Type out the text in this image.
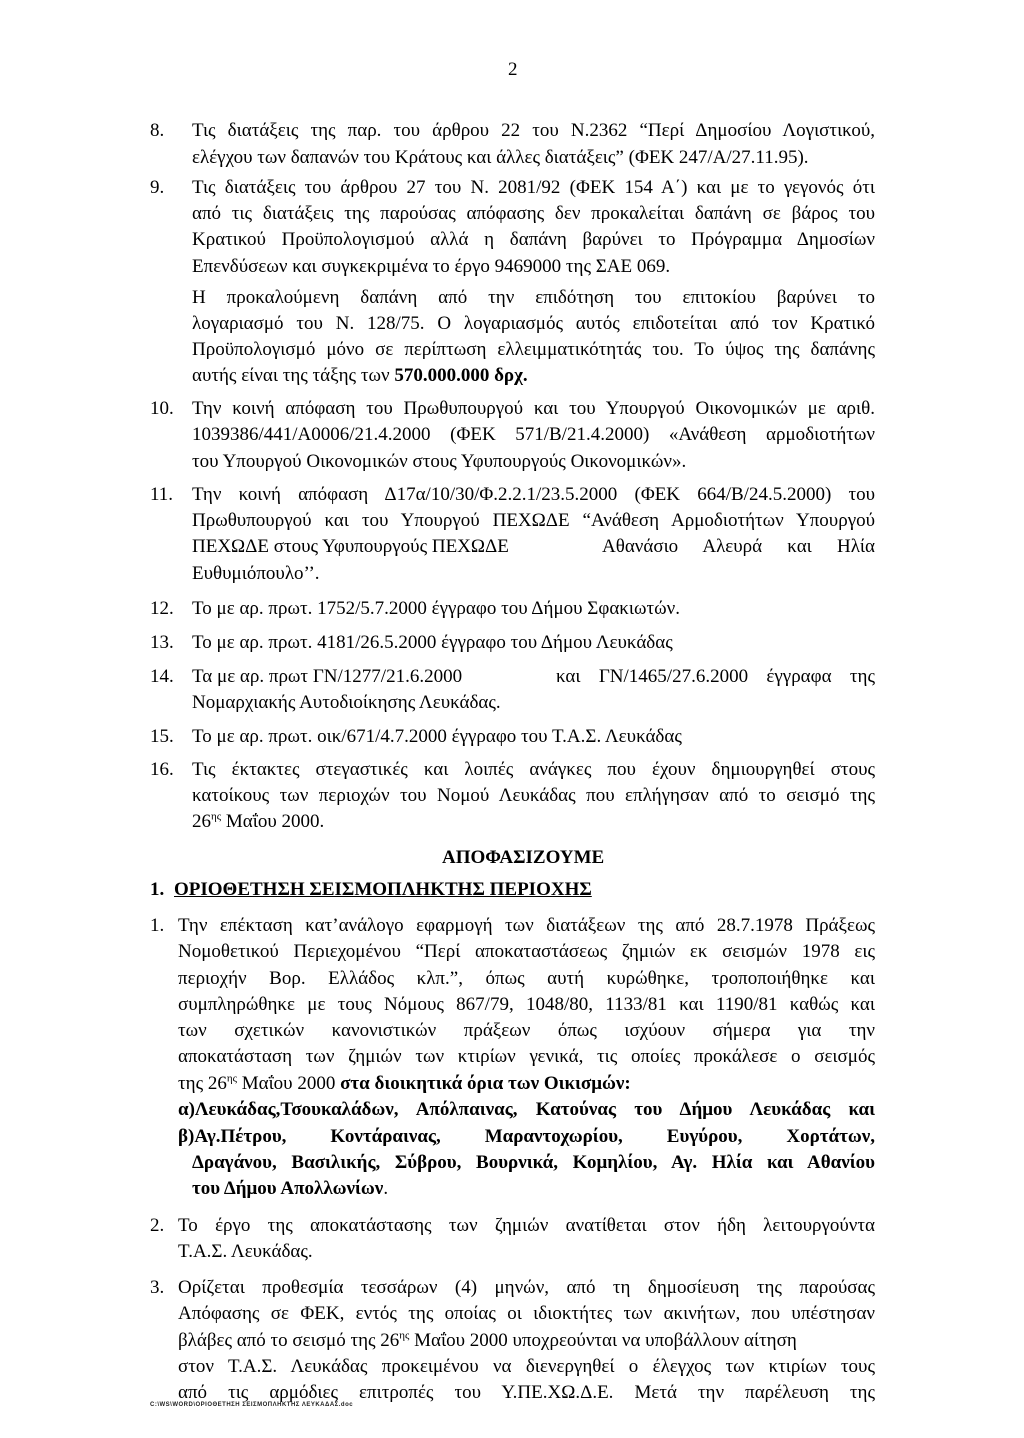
2
8. Τις διατάξεις της παρ. του άρθρου 22 του Ν.2362 “Περί Δημοσίου Λογιστικού,
ελέγχου των δαπανών του Κράτους και άλλες διατάξεις” (ΦΕΚ 247/Α/27.11.95).
9. Τις διατάξεις του άρθρου 27 του Ν. 2081/92 (ΦΕΚ 154 Α΄) και με το γεγονός ότι
από τις διατάξεις της παρούσας απόφασης δεν προκαλείται δαπάνη σε βάρος του
Κρατικού Προϋπολογισμού αλλά η δαπάνη βαρύνει το Πρόγραμμα Δημοσίων
Επενδύσεων και συγκεκριμένα το έργο 9469000 της ΣΑΕ 069.
Η προκαλούμενη δαπάνη από την επιδότηση του επιτοκίου βαρύνει το
λογαριασμό του Ν. 128/75. Ο λογαριασμός αυτός επιδοτείται από τον Κρατικό
Προϋπολογισμό μόνο σε περίπτωση ελλειμματικότητάς του. Το ύψος της δαπάνης
αυτής είναι της τάξης των 570.000.000 δρχ.
10. Την κοινή απόφαση του Πρωθυπουργού και του Υπουργού Οικονομικών με αριθ.
1039386/441/Α0006/21.4.2000 (ΦΕΚ 571/Β/21.4.2000) «Ανάθεση αρμοδιοτήτων
του Υπουργού Οικονομικών στους Υφυπουργούς Οικονομικών».
11. Την κοινή απόφαση Δ17α/10/30/Φ.2.2.1/23.5.2000 (ΦΕΚ 664/Β/24.5.2000) του
Πρωθυπουργού και του Υπουργού ΠΕΧΩΔΕ “Ανάθεση Αρμοδιοτήτων Υπουργού
ΠΕΧΩΔΕ στους Υφυπουργούς ΠΕΧΩΔΕ	Αθανάσιο Αλευρά και Ηλία
Ευθυμιόπουλο’’.
12. Το με αρ. πρωτ. 1752/5.7.2000 έγγραφο του Δήμου Σφακιωτών.
13. Το με αρ. πρωτ. 4181/26.5.2000 έγγραφο του Δήμου Λευκάδας
14. Τα με αρ. πρωτ ΓΝ/1277/21.6.2000	και ΓΝ/1465/27.6.2000 έγγραφα της
Νομαρχιακής Αυτοδιοίκησης Λευκάδας.
15. Το με αρ. πρωτ. οικ/671/4.7.2000 έγγραφο του Τ.Α.Σ. Λευκάδας
16. Τις έκτακτες στεγαστικές και λοιπές ανάγκες που έχουν δημιουργηθεί στους
κατοίκους των περιοχών του Νομού Λευκάδας που επλήγησαν από το σεισμό της
$26^{\eta\varsigma}$ Μαΐου 2000.
ΑΠΟΦΑΣΙΖΟΥΜΕ
1. ΟΡΙΟΘΕΤΗΣΗ ΣΕΙΣΜΟΠΛΗΚΤΗΣ ΠΕΡΙΟΧΗΣ
1. Την επέκταση κατ’ανάλογο εφαρμογή των διατάξεων της από 28.7.1978 Πράξεως
Νομοθετικού Περιεχομένου “Περί αποκαταστάσεως ζημιών εκ σεισμών 1978 εις
περιοχήν Βορ. Ελλάδος κλπ.”, όπως αυτή κυρώθηκε, τροποποιήθηκε και
συμπληρώθηκε με τους Νόμους 867/79, 1048/80, 1133/81 και 1190/81 καθώς και
των σχετικών κανονιστικών πράξεων όπως ισχύουν σήμερα για την
αποκατάσταση των ζημιών των κτιρίων γενικά, τις οποίες προκάλεσε ο σεισμός
της $26^{\eta\varsigma}$ Μαΐου 2000 στα διοικητικά όρια των Οικισμών:
α)Λευκάδας,Τσουκαλάδων, Απόλπαινας, Κατούνας του Δήμου Λευκάδας και
β)Αγ.Πέτρου, Κοντάραινας, Μαραντοχωρίου, Ευγύρου, Χορτάτων,
Δραγάνου, Βασιλικής, Σύβρου, Βουρνικά, Κομηλίου, Αγ. Ηλία και Αθανίου
του Δήμου Απολλωνίων.
2. Το έργο της αποκατάστασης των ζημιών ανατίθεται στον ήδη λειτουργούντα
Τ.Α.Σ. Λευκάδας.
3. Ορίζεται προθεσμία τεσσάρων (4) μηνών, από τη δημοσίευση της παρούσας
Απόφασης σε ΦΕΚ, εντός της οποίας οι ιδιοκτήτες των ακινήτων, που υπέστησαν
βλάβες από το σεισμό της $26^{\eta\varsigma}$ Μαΐου 2000 υποχρεούνται να υποβάλλουν αίτηση
στον Τ.Α.Σ. Λευκάδας προκειμένου να διενεργηθεί ο έλεγχος των κτιρίων τους
από τις αρμόδιες επιτροπές του Υ.ΠΕ.ΧΩ.Δ.Ε. Μετά την παρέλευση της
C:\WS\WORD\ΟΡΙΟΘΕΤΗΣΗ ΣΕΙΣΜΟΠΛΗΚΤΗΣ ΛΕΥΚΑΔΑΣ.doc
